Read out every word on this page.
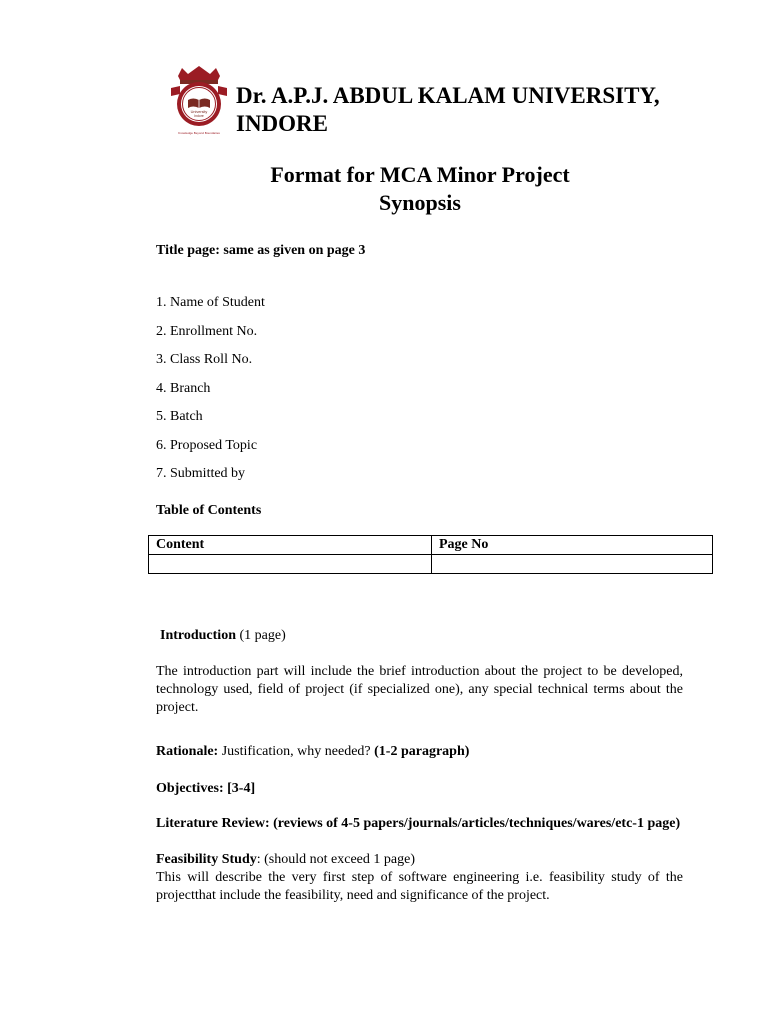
University
Indore
Knowledge Beyond Boundaries
Dr. A.P.J. ABDUL KALAM UNIVERSITY,
INDORE
Format for MCA Minor Project
Synopsis
Title page: same as given on page 3
1. Name of Student
2. Enrollment No.
3. Class Roll No.
4. Branch
5. Batch
6. Proposed Topic
7. Submitted by
Table of Contents
Content	Page No

Introduction (1 page)
The introduction part will include the brief introduction about the project to be developed, technology used, field of project (if specialized one), any special technical terms about the project.
Rationale: Justification, why needed? (1-2 paragraph)
Objectives: [3-4]
Literature Review: (reviews of 4-5 papers/journals/articles/techniques/wares/etc-1 page)
Feasibility Study: (should not exceed 1 page)
This will describe the very first step of software engineering i.e. feasibility study of the projectthat include the feasibility, need and significance of the project.
